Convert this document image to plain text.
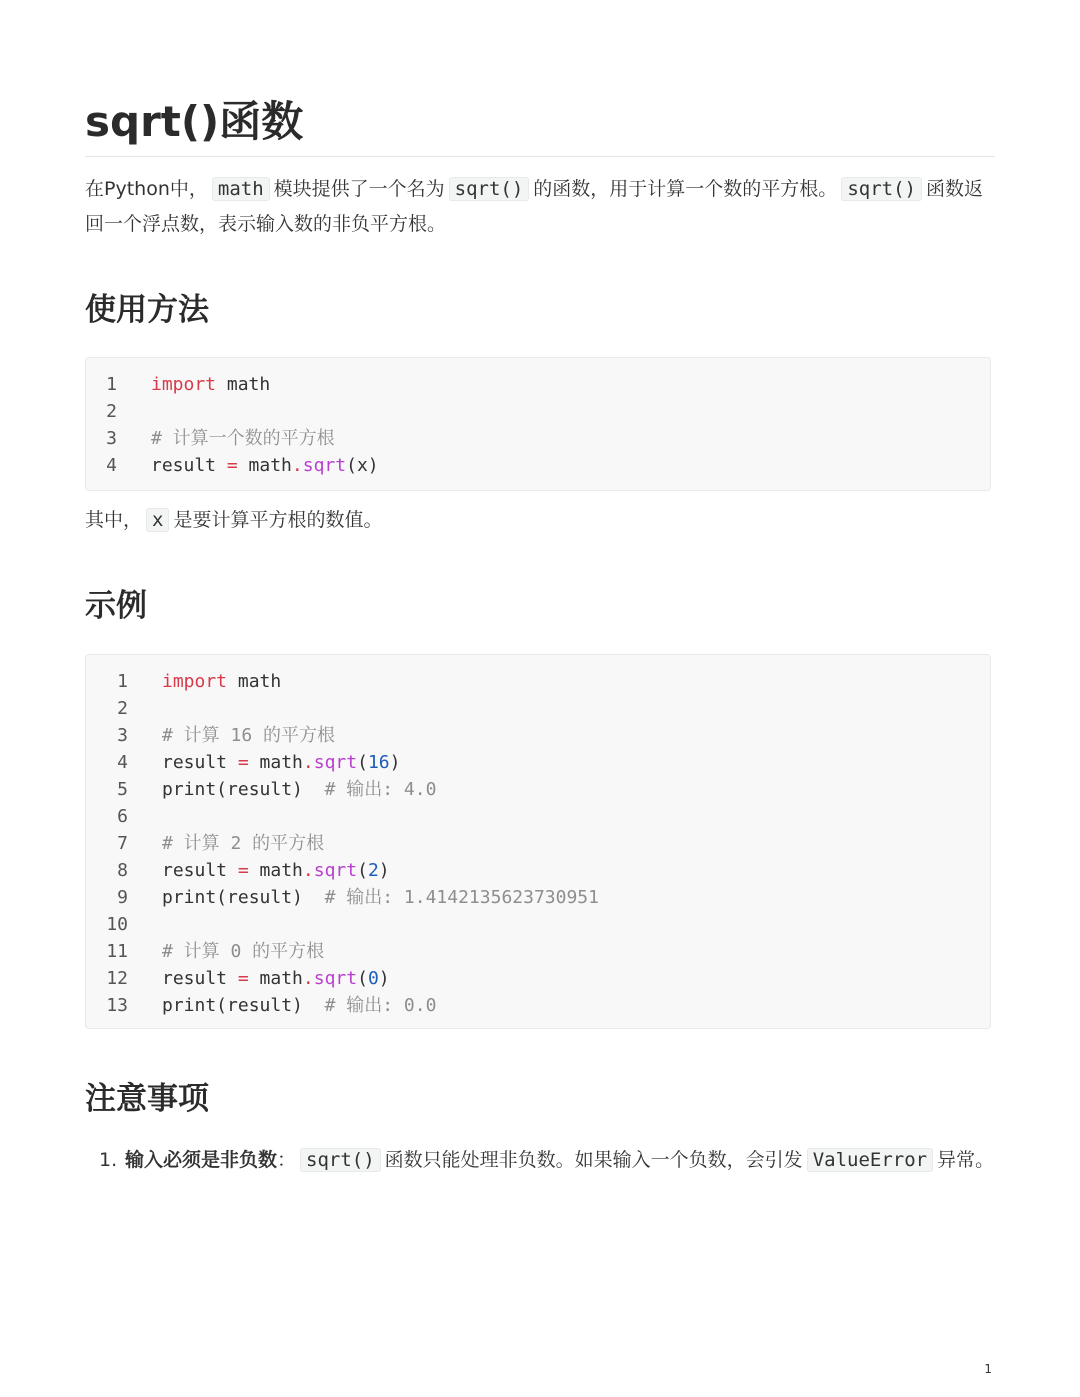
sqrt()函数

在Python中， math 模块提供了一个名为 sqrt() 的函数，用于计算一个数的平方根。 sqrt() 函数返回一个浮点数，表示输入数的非负平方根。

使用方法
1 import math
2
3 # 计算一个数的平方根
4 result = math.sqrt(x)

其中， x 是要计算平方根的数值。

示例
1 import math
2
3 # 计算 16 的平方根
4 result = math.sqrt(16)
5 print(result)  # 输出: 4.0
6
7 # 计算 2 的平方根
8 result = math.sqrt(2)
9 print(result)  # 输出: 1.4142135623730951
10
11 # 计算 0 的平方根
12 result = math.sqrt(0)
13 print(result)  # 输出: 0.0
注意事项
1. 输入必须是非负数： sqrt() 函数只能处理非负数。如果输入一个负数，会引发 ValueError 异常。
1
